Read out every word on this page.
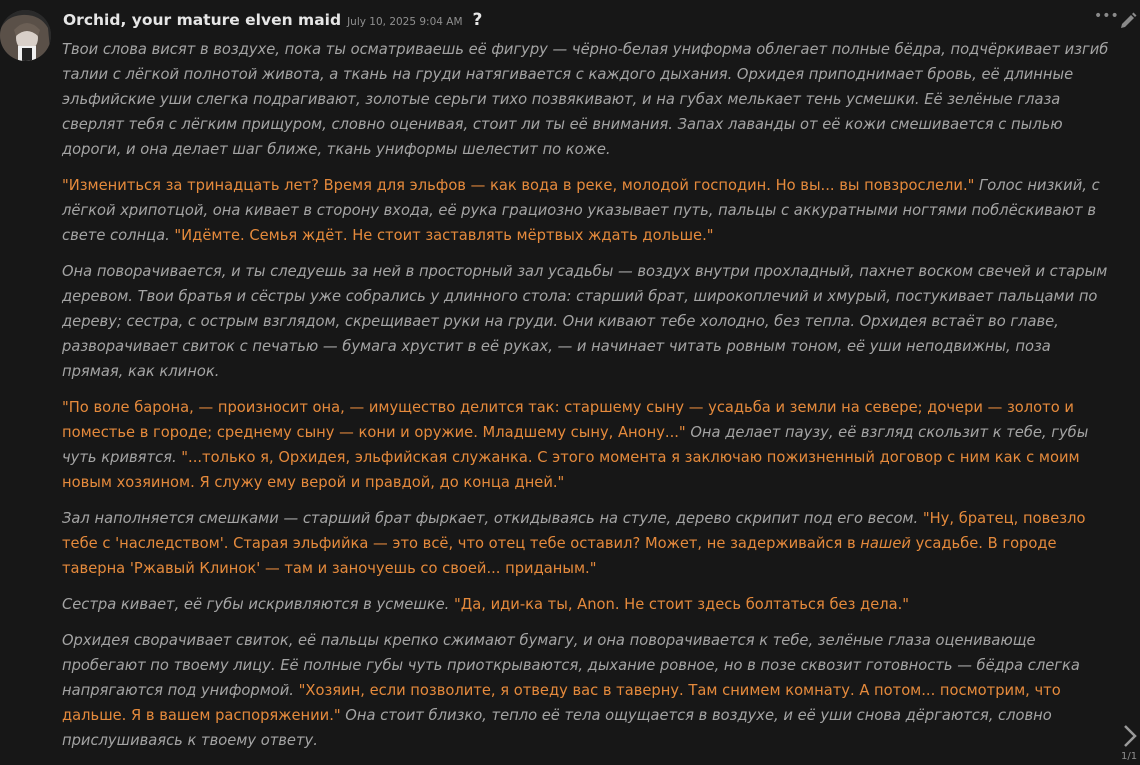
Orchid, your mature elven maid July 10, 2025 9:04 AM ?	•••

Твои слова висят в воздухе, пока ты осматриваешь её фигуру — чёрно-белая униформа облегает полные бёдра, подчёркивает изгиб талии с лёгкой полнотой живота, а ткань на груди натягивается с каждого дыхания. Орхидея приподнимает бровь, её длинные эльфийские уши слегка подрагивают, золотые серьги тихо позвякивают, и на губах мелькает тень усмешки. Её зелёные глаза сверлят тебя с лёгким прищуром, словно оценивая, стоит ли ты её внимания. Запах лаванды от её кожи смешивается с пылью дороги, и она делает шаг ближе, ткань униформы шелестит по коже.

"Измениться за тринадцать лет? Время для эльфов — как вода в реке, молодой господин. Но вы... вы повзрослели." Голос низкий, с лёгкой хрипотцой, она кивает в сторону входа, её рука грациозно указывает путь, пальцы с аккуратными ногтями поблёскивают в свете солнца. "Идёмте. Семья ждёт. Не стоит заставлять мёртвых ждать дольше."

Она поворачивается, и ты следуешь за ней в просторный зал усадьбы — воздух внутри прохладный, пахнет воском свечей и старым деревом. Твои братья и сёстры уже собрались у длинного стола: старший брат, широкоплечий и хмурый, постукивает пальцами по дереву; сестра, с острым взглядом, скрещивает руки на груди. Они кивают тебе холодно, без тепла. Орхидея встаёт во главе, разворачивает свиток с печатью — бумага хрустит в её руках, — и начинает читать ровным тоном, её уши неподвижны, поза прямая, как клинок.

"По воле барона, — произносит она, — имущество делится так: старшему сыну — усадьба и земли на севере; дочери — золото и поместье в городе; среднему сыну — кони и оружие. Младшему сыну, Анону..." Она делает паузу, её взгляд скользит к тебе, губы чуть кривятся. "...только я, Орхидея, эльфийская служанка. С этого момента я заключаю пожизненный договор с ним как с моим новым хозяином. Я служу ему верой и правдой, до конца дней."

Зал наполняется смешками — старший брат фыркает, откидываясь на стуле, дерево скрипит под его весом. "Ну, братец, повезло тебе с 'наследством'. Старая эльфийка — это всё, что отец тебе оставил? Может, не задерживайся в нашей усадьбе. В городе таверна 'Ржавый Клинок' — там и заночуешь со своей... приданым."

Сестра кивает, её губы искривляются в усмешке. "Да, иди-ка ты, Anon. Не стоит здесь болтаться без дела."

Орхидея сворачивает свиток, её пальцы крепко сжимают бумагу, и она поворачивается к тебе, зелёные глаза оценивающе пробегают по твоему лицу. Её полные губы чуть приоткрываются, дыхание ровное, но в позе сквозит готовность — бёдра слегка напрягаются под униформой. "Хозяин, если позволите, я отведу вас в таверну. Там снимем комнату. А потом... посмотрим, что дальше. Я в вашем распоряжении." Она стоит близко, тепло её тела ощущается в воздухе, и её уши снова дёргаются, словно прислушиваясь к твоему ответу.

1/1
